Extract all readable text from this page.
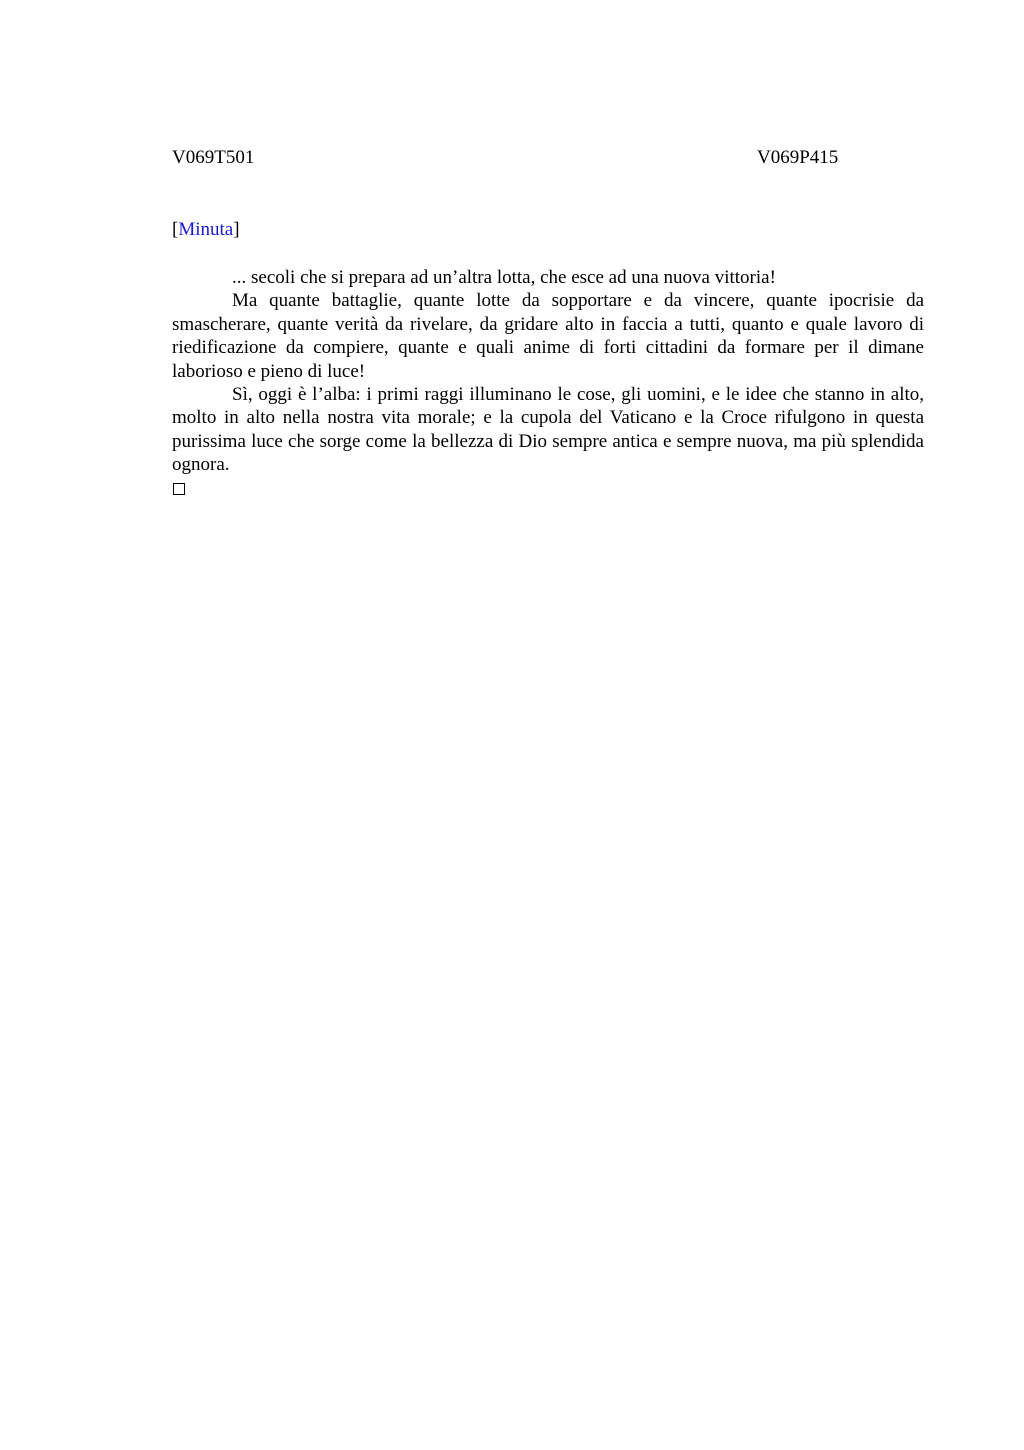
V069T501	V069P415
[Minuta]

... secoli che si prepara ad un’altra lotta, che esce ad una nuova vittoria!

Ma quante battaglie, quante lotte da sopportare e da vincere, quante ipocrisie da smascherare, quante verità da rivelare, da gridare alto in faccia a tutti, quanto e quale lavoro di riedificazione da compiere, quante e quali anime di forti cittadini da formare per il dimane laborioso e pieno di luce!

Sì, oggi è l’alba: i primi raggi illuminano le cose, gli uomini, e le idee che stanno in alto, molto in alto nella nostra vita morale; e la cupola del Vaticano e la Croce rifulgono in questa purissima luce che sorge come la bellezza di Dio sempre antica e sempre nuova, ma più splendida ognora.
